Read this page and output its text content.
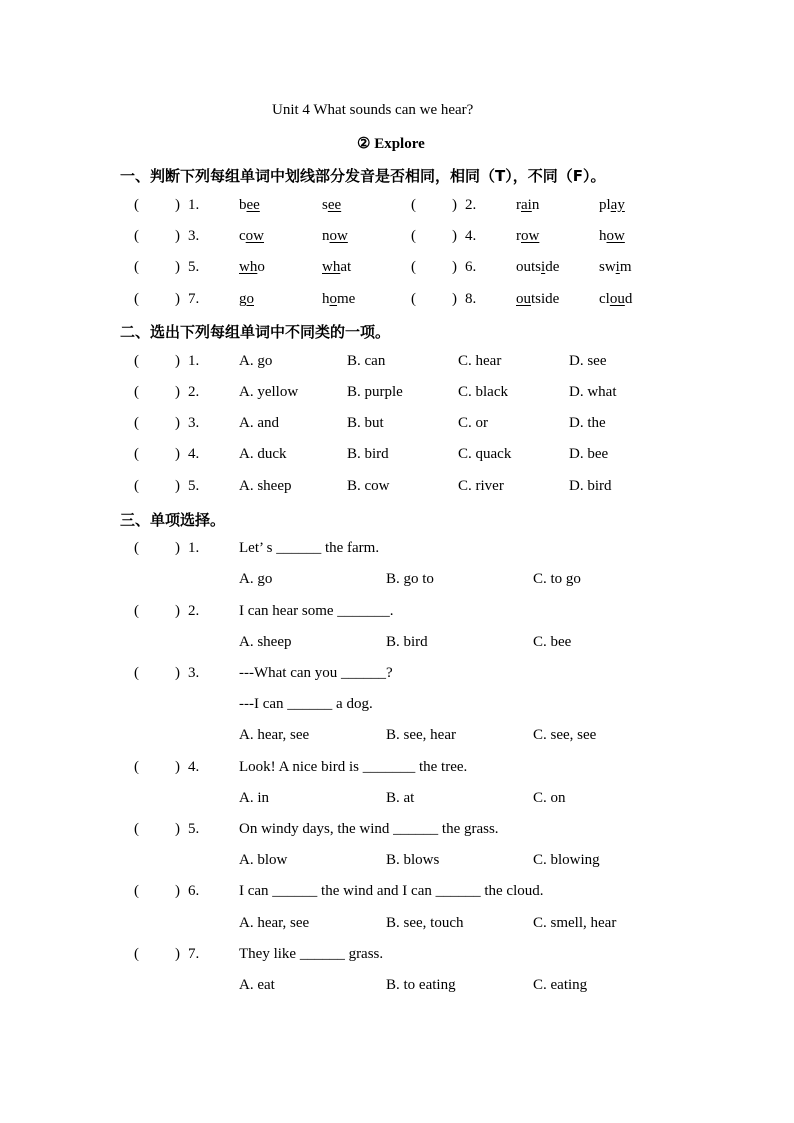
Unit 4 What sounds can we hear?
② Explore
一、判断下列每组单词中划线部分发音是否相同，相同（T），不同（F）。
( ) 1.	bee	see	( ) 2.	rain	play
( ) 3.	cow	now	( ) 4.	row	how
( ) 5.	who	what	( ) 6.	outside	swim
( ) 7.	go	home	( ) 8.	outside	cloud
二、选出下列每组单词中不同类的一项。
( ) 1.	A. go	B. can	C. hear	D. see
( ) 2.	A. yellow	B. purple	C. black	D. what
( ) 3.	A. and	B. but	C. or	D. the
( ) 4.	A. duck	B. bird	C. quack	D. bee
( ) 5.	A. sheep	B. cow	C. river	D. bird
三、单项选择。
( ) 1.	Let’ s ______ the farm.
A. go	B. go to	C. to go
( ) 2.	I can hear some _______.
A. sheep	B. bird	C. bee
( ) 3.	---What can you ______?
---I can ______ a dog.
A. hear, see	B. see, hear	C. see, see
( ) 4.	Look! A nice bird is _______ the tree.
A. in	B. at	C. on
( ) 5.	On windy days, the wind ______ the grass.
A. blow	B. blows	C. blowing
( ) 6.	I can ______ the wind and I can ______ the cloud.
A. hear, see	B. see, touch	C. smell, hear
( ) 7.	They like ______ grass.
A. eat	B. to eating	C. eating
